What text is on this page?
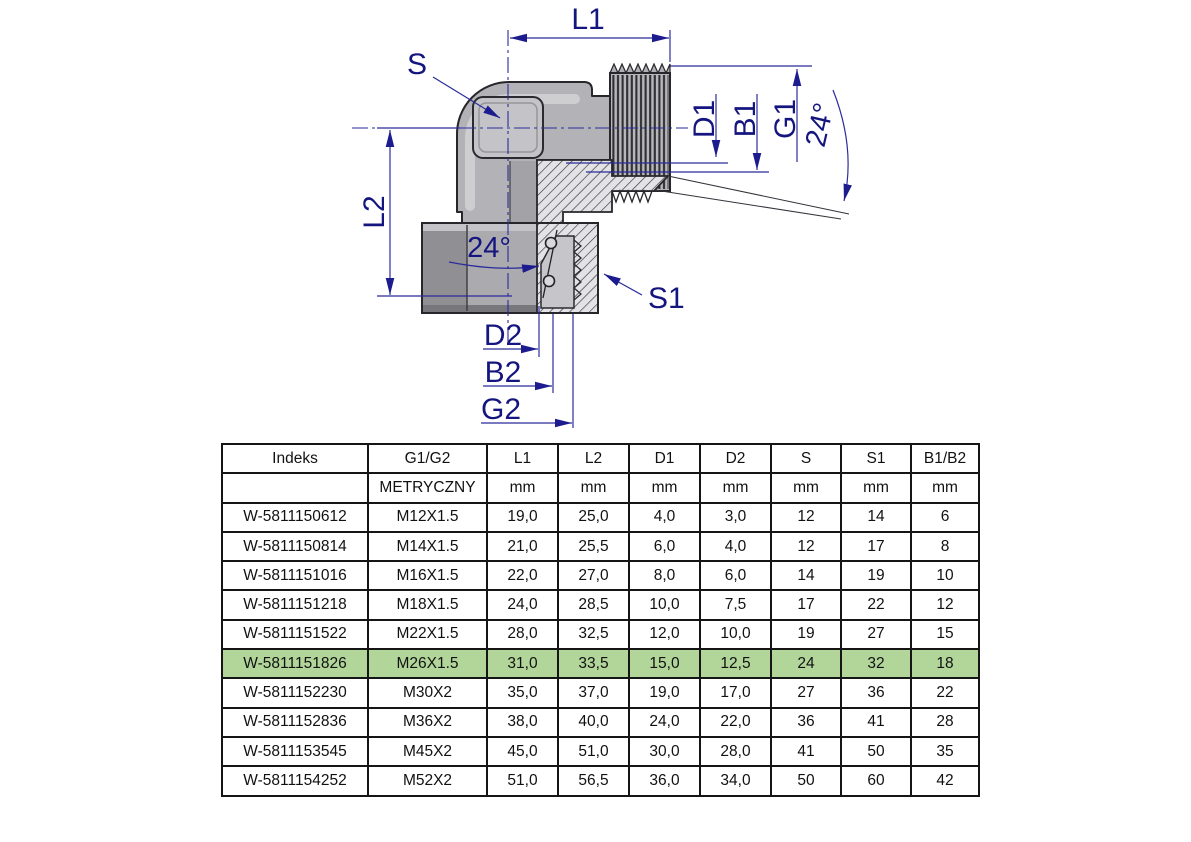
L1
L2
S
D1 B1 G1
24°
24°
S1
D2
B2
G2
Indeks	G1/G2	L1	L2	D1	D2	S	S1	B1/B2
	METRYCZNY	mm	mm	mm	mm	mm	mm	mm
W-5811150612	M12X1.5	19,0	25,0	4,0	3,0	12	14	6
W-5811150814	M14X1.5	21,0	25,5	6,0	4,0	12	17	8
W-5811151016	M16X1.5	22,0	27,0	8,0	6,0	14	19	10
W-5811151218	M18X1.5	24,0	28,5	10,0	7,5	17	22	12
W-5811151522	M22X1.5	28,0	32,5	12,0	10,0	19	27	15
W-5811151826	M26X1.5	31,0	33,5	15,0	12,5	24	32	18
W-5811152230	M30X2	35,0	37,0	19,0	17,0	27	36	22
W-5811152836	M36X2	38,0	40,0	24,0	22,0	36	41	28
W-5811153545	M45X2	45,0	51,0	30,0	28,0	41	50	35
W-5811154252	M52X2	51,0	56,5	36,0	34,0	50	60	42
